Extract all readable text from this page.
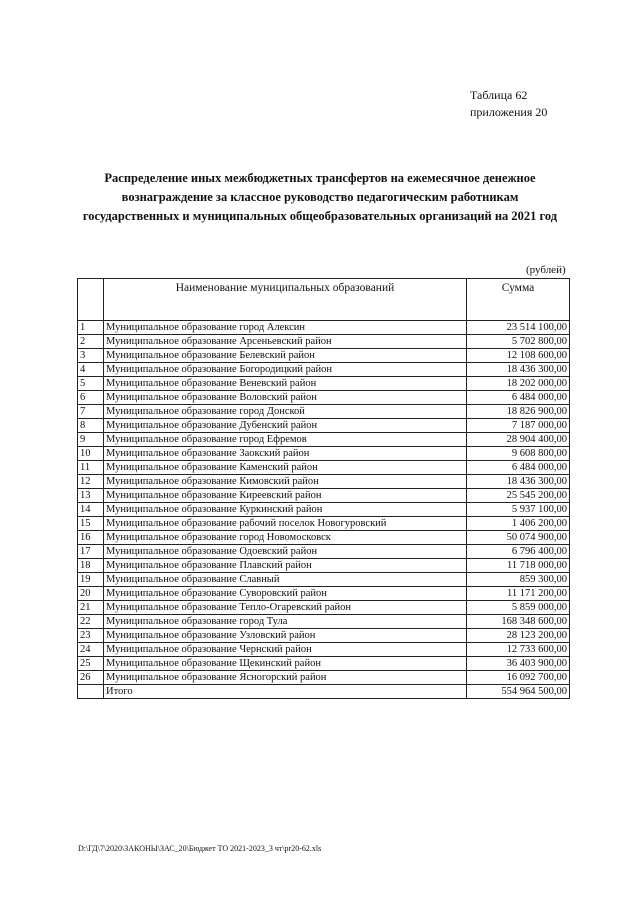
Таблица 62
приложения 20
Распределение иных межбюджетных трансфертов на ежемесячное денежное
вознаграждение за классное руководство педагогическим работникам
государственных и муниципальных общеобразовательных организаций на 2021 год
(рублей)
	Наименование муниципальных образований	Сумма
1	Муниципальное образование город Алексин	23 514 100,00
2	Муниципальное образование Арсеньевский район	5 702 800,00
3	Муниципальное образование Белевский район	12 108 600,00
4	Муниципальное образование Богородицкий район	18 436 300,00
5	Муниципальное образование Веневский район	18 202 000,00
6	Муниципальное образование Воловский район	6 484 000,00
7	Муниципальное образование город Донской	18 826 900,00
8	Муниципальное образование Дубенский район	7 187 000,00
9	Муниципальное образование город Ефремов	28 904 400,00
10	Муниципальное образование Заокский район	9 608 800,00
11	Муниципальное образование Каменский район	6 484 000,00
12	Муниципальное образование Кимовский район	18 436 300,00
13	Муниципальное образование Киреевский район	25 545 200,00
14	Муниципальное образование Куркинский район	5 937 100,00
15	Муниципальное образование рабочий поселок Новогуровский	1 406 200,00
16	Муниципальное образование город Новомосковск	50 074 900,00
17	Муниципальное образование Одоевский район	6 796 400,00
18	Муниципальное образование Плавский район	11 718 000,00
19	Муниципальное образование Славный	859 300,00
20	Муниципальное образование Суворовский район	11 171 200,00
21	Муниципальное образование Тепло-Огаревский район	5 859 000,00
22	Муниципальное образование город Тула	168 348 600,00
23	Муниципальное образование Узловский район	28 123 200,00
24	Муниципальное образование Чернский район	12 733 600,00
25	Муниципальное образование Щекинский район	36 403 900,00
26	Муниципальное образование Ясногорский район	16 092 700,00
	Итого	554 964 500,00
D:\ГД\7\2020\ЗАКОНЫ\ЗАС_20\Бюджет ТО 2021-2023_3 чт\pr20-62.xls
